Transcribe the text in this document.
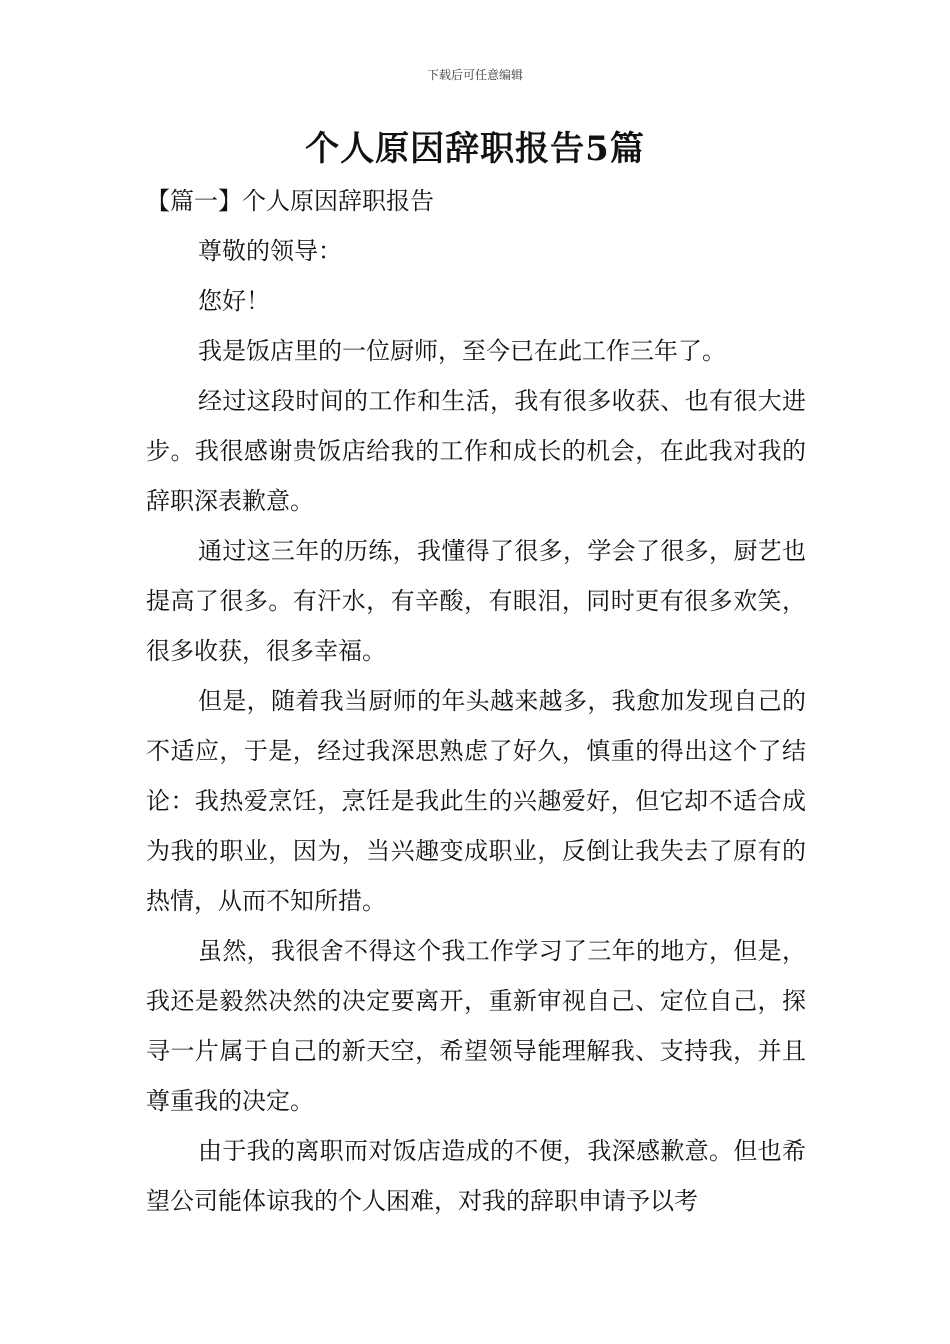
下载后可任意编辑
个人原因辞职报告5篇

【篇一】个人原因辞职报告

尊敬的领导：

您好！

我是饭店里的一位厨师，至今已在此工作三年了。

经过这段时间的工作和生活，我有很多收获、也有很大进步。我很感谢贵饭店给我的工作和成长的机会，在此我对我的辞职深表歉意。

通过这三年的历练，我懂得了很多，学会了很多，厨艺也提高了很多。有汗水，有辛酸，有眼泪，同时更有很多欢笑，很多收获，很多幸福。

但是，随着我当厨师的年头越来越多，我愈加发现自己的不适应，于是，经过我深思熟虑了好久，慎重的得出这个了结论：我热爱烹饪，烹饪是我此生的兴趣爱好，但它却不适合成为我的职业，因为，当兴趣变成职业，反倒让我失去了原有的热情，从而不知所措。

虽然，我很舍不得这个我工作学习了三年的地方，但是，我还是毅然决然的决定要离开，重新审视自己、定位自己，探寻一片属于自己的新天空，希望领导能理解我、支持我，并且尊重我的决定。

由于我的离职而对饭店造成的不便，我深感歉意。但也希望公司能体谅我的个人困难，对我的辞职申请予以考
